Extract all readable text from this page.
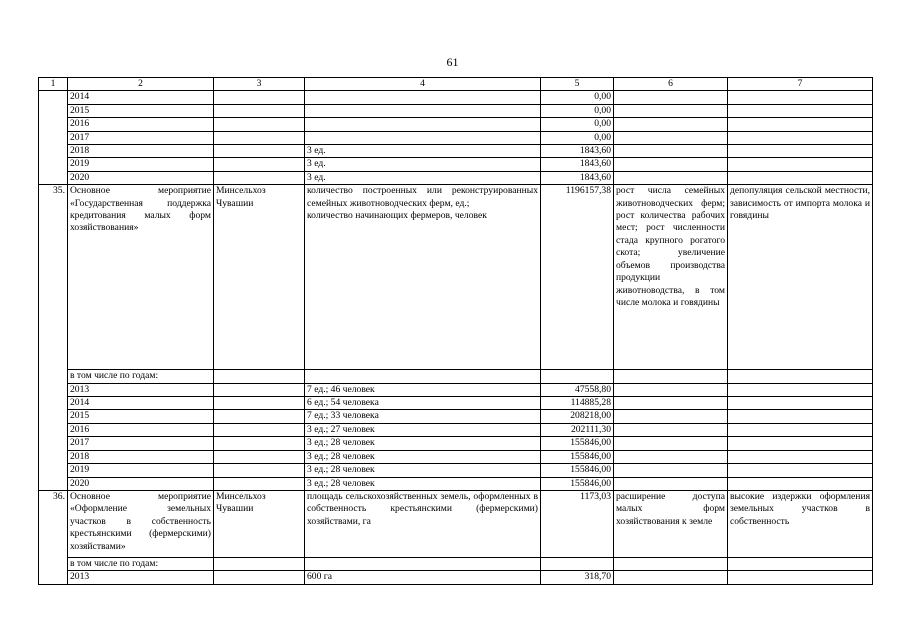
61
1	2	3	4	5	6	7
	2014			0,00		
	2015			0,00		
	2016			0,00		
	2017			0,00		
	2018		3 ед.	1843,60		
	2019		3 ед.	1843,60		
	2020		3 ед.	1843,60		
35.	Основное мероприятие «Государственная поддержка кредитования малых форм хозяйствования»	Минсельхоз Чувашии	количество построенных или реконструированных семейных животноводческих ферм, ед.;
количество начинающих фермеров, человек	1196157,38	рост числа семейных животноводческих ферм; рост количества рабочих мест; рост численности стада крупного рогатого скота; увеличение объемов производства продукции животноводства, в том числе молока и говядины	депопуляция сельской местности, зависимость от импорта молока и говядины
	в том числе по годам:					
	2013		7 ед.; 46 человек	47558,80		
	2014		6 ед.; 54 человека	114885,28		
	2015		7 ед.; 33 человека	208218,00		
	2016		3 ед.; 27 человек	202111,30		
	2017		3 ед.; 28 человек	155846,00		
	2018		3 ед.; 28 человек	155846,00		
	2019		3 ед.; 28 человек	155846,00		
	2020		3 ед.; 28 человек	155846,00		
36.	Основное мероприятие «Оформление земельных участков в собственность крестьянскими (фермерскими) хозяйствами»	Минсельхоз Чувашии	площадь сельскохозяйственных земель, оформленных в собственность крестьянскими (фермерскими) хозяйствами, га	1173,03	расширение доступа малых форм хозяйствования к земле	высокие издержки оформления земельных участков в собственность
	в том числе по годам:					
	2013		600 га	318,70		
